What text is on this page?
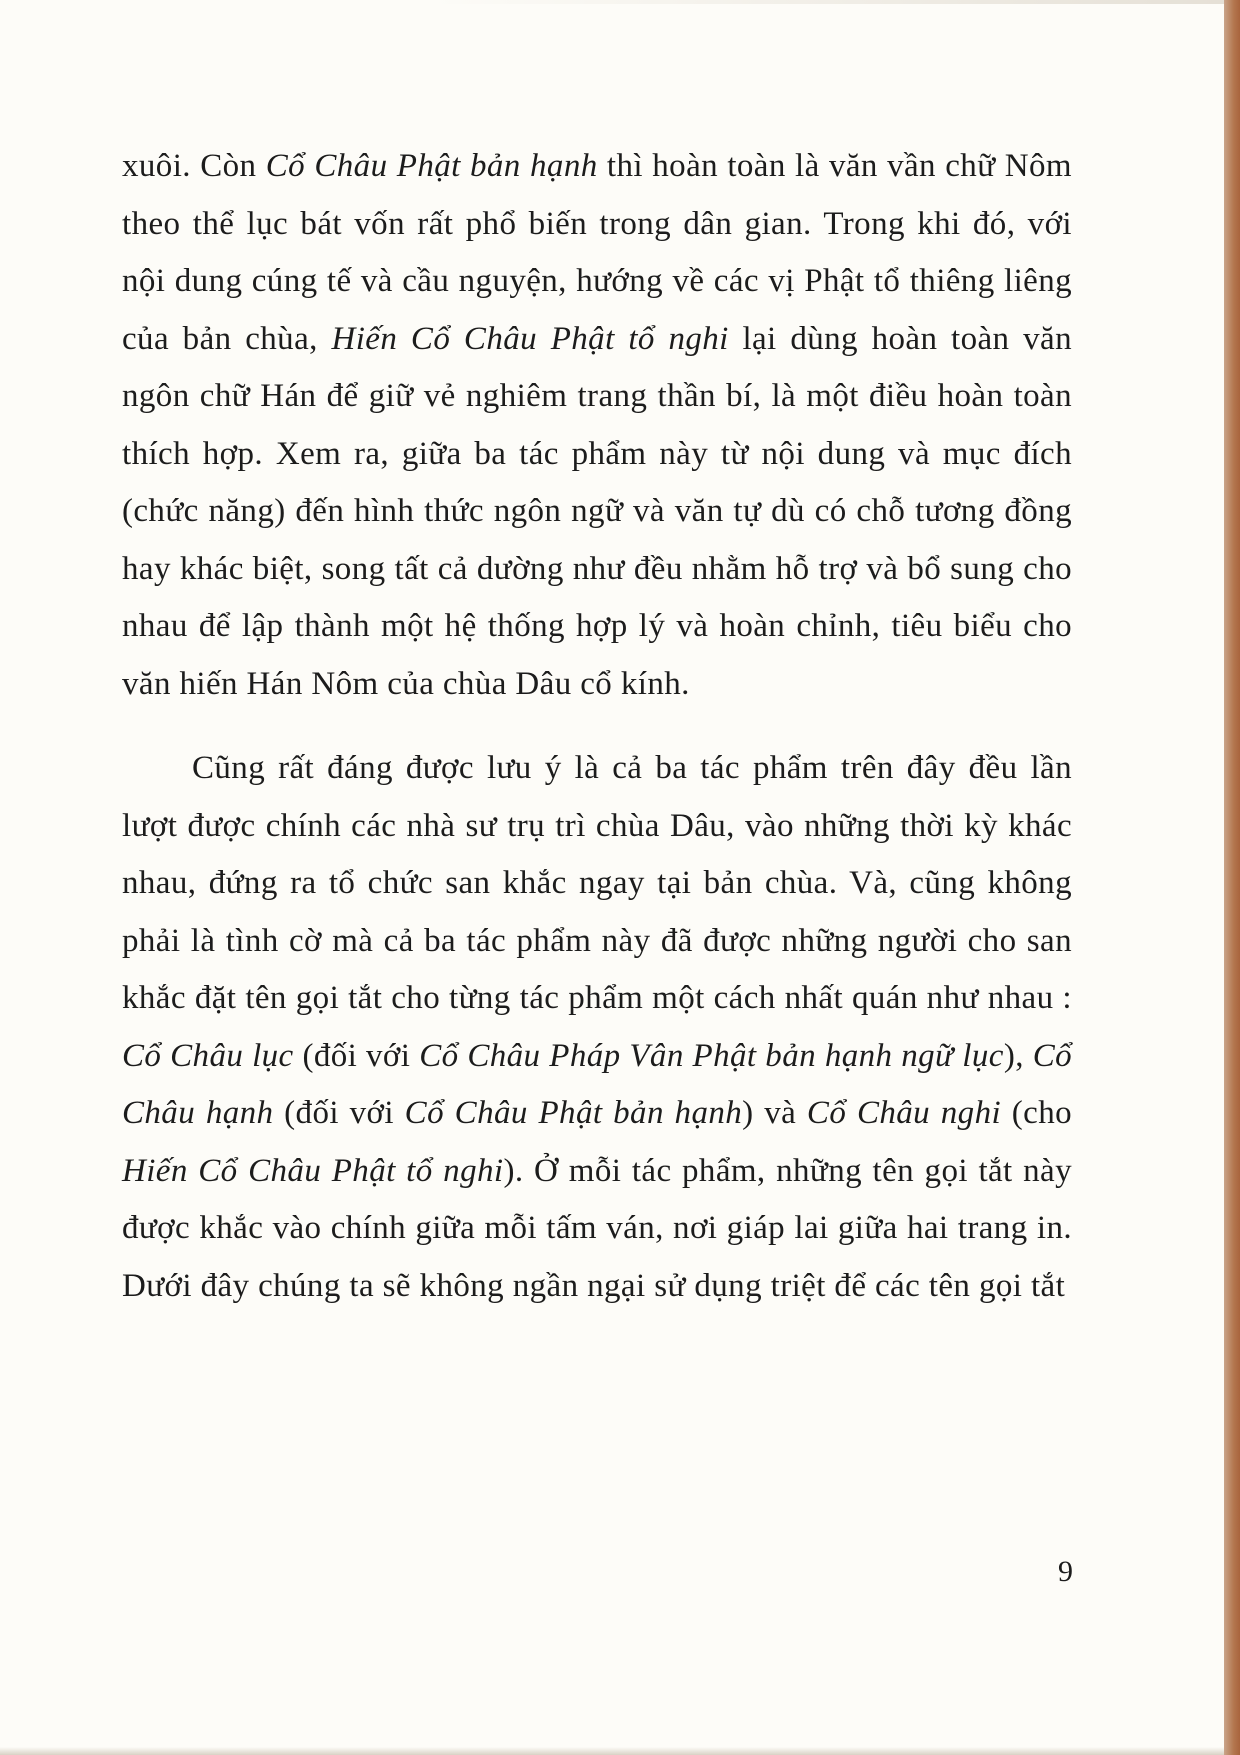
xuôi. Còn Cổ Châu Phật bản hạnh thì hoàn toàn là văn vần chữ Nôm theo thể lục bát vốn rất phổ biến trong dân gian. Trong khi đó, với nội dung cúng tế và cầu nguyện, hướng về các vị Phật tổ thiêng liêng của bản chùa, Hiến Cổ Châu Phật tổ nghi lại dùng hoàn toàn văn ngôn chữ Hán để giữ vẻ nghiêm trang thần bí, là một điều hoàn toàn thích hợp. Xem ra, giữa ba tác phẩm này từ nội dung và mục đích (chức năng) đến hình thức ngôn ngữ và văn tự dù có chỗ tương đồng hay khác biệt, song tất cả dường như đều nhằm hỗ trợ và bổ sung cho nhau để lập thành một hệ thống hợp lý và hoàn chỉnh, tiêu biểu cho văn hiến Hán Nôm của chùa Dâu cổ kính.

Cũng rất đáng được lưu ý là cả ba tác phẩm trên đây đều lần lượt được chính các nhà sư trụ trì chùa Dâu, vào những thời kỳ khác nhau, đứng ra tổ chức san khắc ngay tại bản chùa. Và, cũng không phải là tình cờ mà cả ba tác phẩm này đã được những người cho san khắc đặt tên gọi tắt cho từng tác phẩm một cách nhất quán như nhau : Cổ Châu lục (đối với Cổ Châu Pháp Vân Phật bản hạnh ngữ lục), Cổ Châu hạnh (đối với Cổ Châu Phật bản hạnh) và Cổ Châu nghi (cho Hiến Cổ Châu Phật tổ nghi). Ở mỗi tác phẩm, những tên gọi tắt này được khắc vào chính giữa mỗi tấm ván, nơi giáp lai giữa hai trang in. Dưới đây chúng ta sẽ không ngần ngại sử dụng triệt để các tên gọi tắt

9
